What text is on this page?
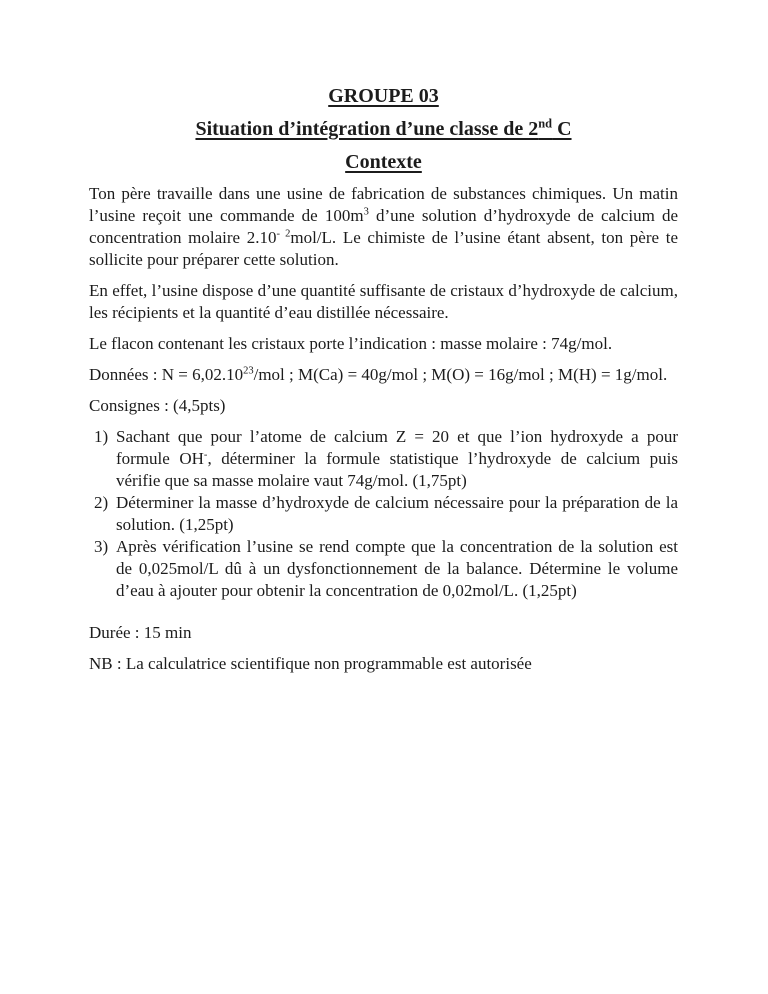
GROUPE 03
Situation d’intégration d’une classe de 2nd C
Contexte

Ton père travaille dans une usine de fabrication de substances chimiques. Un matin l’usine reçoit une commande de $100m^3$ d’une solution d’hydroxyde de calcium de concentration molaire $2.10^{- 2}mol/L$. Le chimiste de l’usine étant absent, ton père te sollicite pour préparer cette solution.

En effet, l’usine dispose d’une quantité suffisante de cristaux d’hydroxyde de calcium, les récipients et la quantité d’eau distillée nécessaire.

Le flacon contenant les cristaux porte l’indication : masse molaire : 74g/mol.

Données : $N = 6,02.10^{23}$/mol ; M(Ca) = 40g/mol ; M(O) = 16g/mol ; M(H) = 1g/mol.

Consignes : (4,5pts)

1) Sachant que pour l’atome de calcium Z = 20 et que l’ion hydroxyde a pour formule OH-, déterminer la formule statistique l’hydroxyde de calcium puis vérifie que sa masse molaire vaut 74g/mol. (1,75pt)
2) Déterminer la masse d’hydroxyde de calcium nécessaire pour la préparation de la solution. (1,25pt)
3) Après vérification l’usine se rend compte que la concentration de la solution est de 0,025mol/L dû à un dysfonctionnement de la balance. Détermine le volume d’eau à ajouter pour obtenir la concentration de 0,02mol/L. (1,25pt)

Durée : 15 min

NB : La calculatrice scientifique non programmable est autorisée
